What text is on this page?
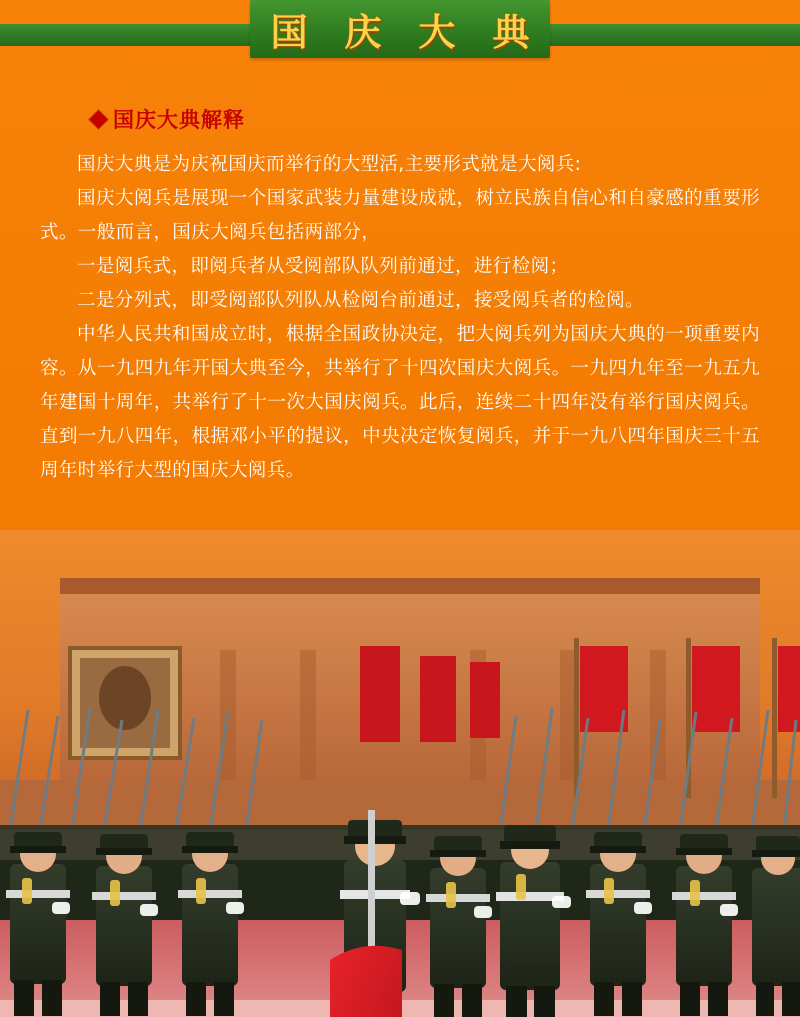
国 庆 大 典
国庆大典解释

国庆大典是为庆祝国庆而举行的大型活,主要形式就是大阅兵:

国庆大阅兵是展现一个国家武装力量建设成就，树立民族自信心和自豪感的重要形式。一般而言，国庆大阅兵包括两部分，

一是阅兵式，即阅兵者从受阅部队队列前通过，进行检阅；

二是分列式，即受阅部队列队从检阅台前通过，接受阅兵者的检阅。

中华人民共和国成立时，根据全国政协决定，把大阅兵列为国庆大典的一项重要内容。从一九四九年开国大典至今，共举行了十四次国庆大阅兵。一九四九年至一九五九年建国十周年，共举行了十一次大国庆阅兵。此后，连续二十四年没有举行国庆阅兵。直到一九八四年，根据邓小平的提议，中央决定恢复阅兵，并于一九八四年国庆三十五周年时举行大型的国庆大阅兵。
